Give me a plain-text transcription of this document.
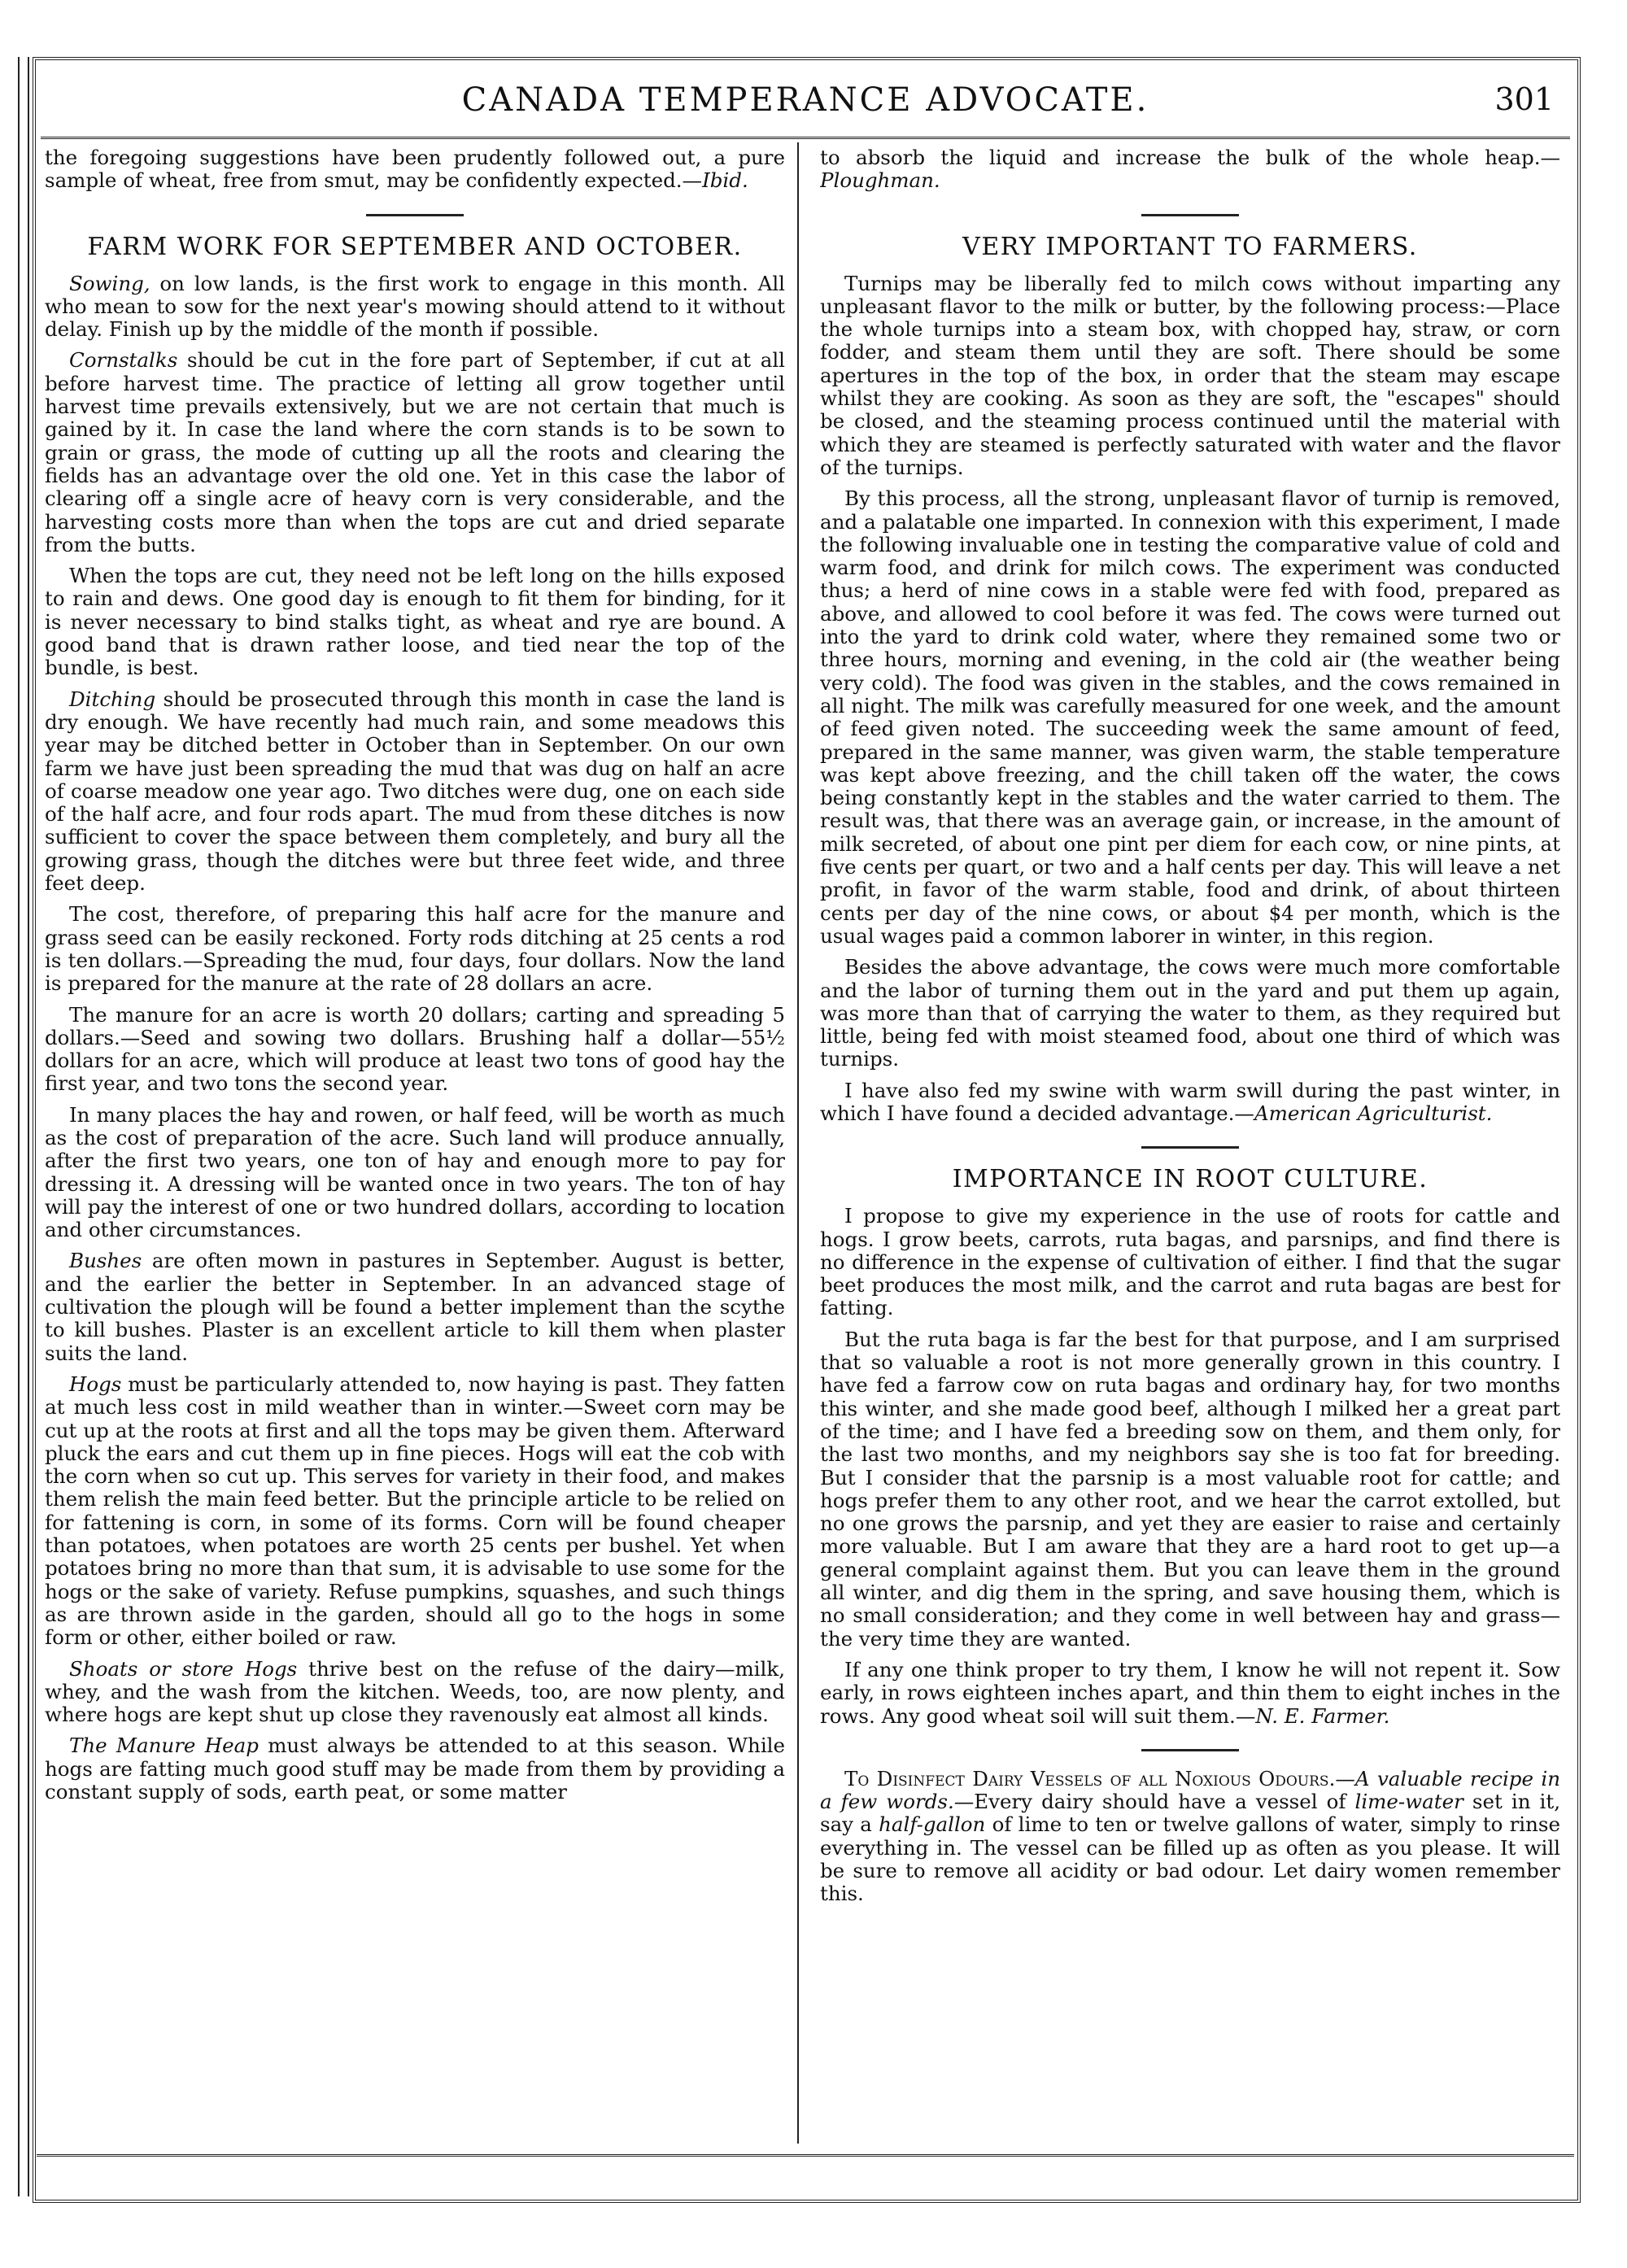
CANADA TEMPERANCE ADVOCATE.	301

the foregoing suggestions have been prudently followed out, a pure sample of wheat, free from smut, may be confidently expected.—Ibid.

FARM WORK FOR SEPTEMBER AND OCTOBER.

Sowing, on low lands, is the first work to engage in this month. All who mean to sow for the next year's mowing should attend to it without delay. Finish up by the middle of the month if possible.

Cornstalks should be cut in the fore part of September, if cut at all before harvest time. The practice of letting all grow together until harvest time prevails extensively, but we are not certain that much is gained by it. In case the land where the corn stands is to be sown to grain or grass, the mode of cutting up all the roots and clearing the fields has an advantage over the old one. Yet in this case the labor of clearing off a single acre of heavy corn is very considerable, and the harvesting costs more than when the tops are cut and dried separate from the butts.

When the tops are cut, they need not be left long on the hills exposed to rain and dews. One good day is enough to fit them for binding, for it is never necessary to bind stalks tight, as wheat and rye are bound. A good band that is drawn rather loose, and tied near the top of the bundle, is best.

Ditching should be prosecuted through this month in case the land is dry enough. We have recently had much rain, and some meadows this year may be ditched better in October than in September. On our own farm we have just been spreading the mud that was dug on half an acre of coarse meadow one year ago. Two ditches were dug, one on each side of the half acre, and four rods apart. The mud from these ditches is now sufficient to cover the space between them completely, and bury all the growing grass, though the ditches were but three feet wide, and three feet deep.

The cost, therefore, of preparing this half acre for the manure and grass seed can be easily reckoned. Forty rods ditching at 25 cents a rod is ten dollars.—Spreading the mud, four days, four dollars. Now the land is prepared for the manure at the rate of 28 dollars an acre.

The manure for an acre is worth 20 dollars; carting and spreading 5 dollars.—Seed and sowing two dollars. Brushing half a dollar—55½ dollars for an acre, which will produce at least two tons of good hay the first year, and two tons the second year.

In many places the hay and rowen, or half feed, will be worth as much as the cost of preparation of the acre. Such land will produce annually, after the first two years, one ton of hay and enough more to pay for dressing it. A dressing will be wanted once in two years. The ton of hay will pay the interest of one or two hundred dollars, according to location and other circumstances.

Bushes are often mown in pastures in September. August is better, and the earlier the better in September. In an advanced stage of cultivation the plough will be found a better implement than the scythe to kill bushes. Plaster is an excellent article to kill them when plaster suits the land.

Hogs must be particularly attended to, now haying is past. They fatten at much less cost in mild weather than in winter.—Sweet corn may be cut up at the roots at first and all the tops may be given them. Afterward pluck the ears and cut them up in fine pieces. Hogs will eat the cob with the corn when so cut up. This serves for variety in their food, and makes them relish the main feed better. But the principle article to be relied on for fattening is corn, in some of its forms. Corn will be found cheaper than potatoes, when potatoes are worth 25 cents per bushel. Yet when potatoes bring no more than that sum, it is advisable to use some for the hogs or the sake of variety. Refuse pumpkins, squashes, and such things as are thrown aside in the garden, should all go to the hogs in some form or other, either boiled or raw.

Shoats or store Hogs thrive best on the refuse of the dairy—milk, whey, and the wash from the kitchen. Weeds, too, are now plenty, and where hogs are kept shut up close they ravenously eat almost all kinds.

The Manure Heap must always be attended to at this season. While hogs are fatting much good stuff may be made from them by providing a constant supply of sods, earth peat, or some matter

to absorb the liquid and increase the bulk of the whole heap.—Ploughman.

VERY IMPORTANT TO FARMERS.

Turnips may be liberally fed to milch cows without imparting any unpleasant flavor to the milk or butter, by the following process:—Place the whole turnips into a steam box, with chopped hay, straw, or corn fodder, and steam them until they are soft. There should be some apertures in the top of the box, in order that the steam may escape whilst they are cooking. As soon as they are soft, the "escapes" should be closed, and the steaming process continued until the material with which they are steamed is perfectly saturated with water and the flavor of the turnips.

By this process, all the strong, unpleasant flavor of turnip is removed, and a palatable one imparted. In connexion with this experiment, I made the following invaluable one in testing the comparative value of cold and warm food, and drink for milch cows. The experiment was conducted thus; a herd of nine cows in a stable were fed with food, prepared as above, and allowed to cool before it was fed. The cows were turned out into the yard to drink cold water, where they remained some two or three hours, morning and evening, in the cold air (the weather being very cold). The food was given in the stables, and the cows remained in all night. The milk was carefully measured for one week, and the amount of feed given noted. The succeeding week the same amount of feed, prepared in the same manner, was given warm, the stable temperature was kept above freezing, and the chill taken off the water, the cows being constantly kept in the stables and the water carried to them. The result was, that there was an average gain, or increase, in the amount of milk secreted, of about one pint per diem for each cow, or nine pints, at five cents per quart, or two and a half cents per day. This will leave a net profit, in favor of the warm stable, food and drink, of about thirteen cents per day of the nine cows, or about $4 per month, which is the usual wages paid a common laborer in winter, in this region.

Besides the above advantage, the cows were much more comfortable and the labor of turning them out in the yard and put them up again, was more than that of carrying the water to them, as they required but little, being fed with moist steamed food, about one third of which was turnips.

I have also fed my swine with warm swill during the past winter, in which I have found a decided advantage.—American Agriculturist.

IMPORTANCE IN ROOT CULTURE.

I propose to give my experience in the use of roots for cattle and hogs. I grow beets, carrots, ruta bagas, and parsnips, and find there is no difference in the expense of cultivation of either. I find that the sugar beet produces the most milk, and the carrot and ruta bagas are best for fatting.

But the ruta baga is far the best for that purpose, and I am surprised that so valuable a root is not more generally grown in this country. I have fed a farrow cow on ruta bagas and ordinary hay, for two months this winter, and she made good beef, although I milked her a great part of the time; and I have fed a breeding sow on them, and them only, for the last two months, and my neighbors say she is too fat for breeding. But I consider that the parsnip is a most valuable root for cattle; and hogs prefer them to any other root, and we hear the carrot extolled, but no one grows the parsnip, and yet they are easier to raise and certainly more valuable. But I am aware that they are a hard root to get up—a general complaint against them. But you can leave them in the ground all winter, and dig them in the spring, and save housing them, which is no small consideration; and they come in well between hay and grass—the very time they are wanted.

If any one think proper to try them, I know he will not repent it. Sow early, in rows eighteen inches apart, and thin them to eight inches in the rows. Any good wheat soil will suit them.—N. E. Farmer.

To Disinfect Dairy Vessels of all Noxious Odours.—A valuable recipe in a few words.—Every dairy should have a vessel of lime-water set in it, say a half-gallon of lime to ten or twelve gallons of water, simply to rinse everything in. The vessel can be filled up as often as you please. It will be sure to remove all acidity or bad odour. Let dairy women remember this.
